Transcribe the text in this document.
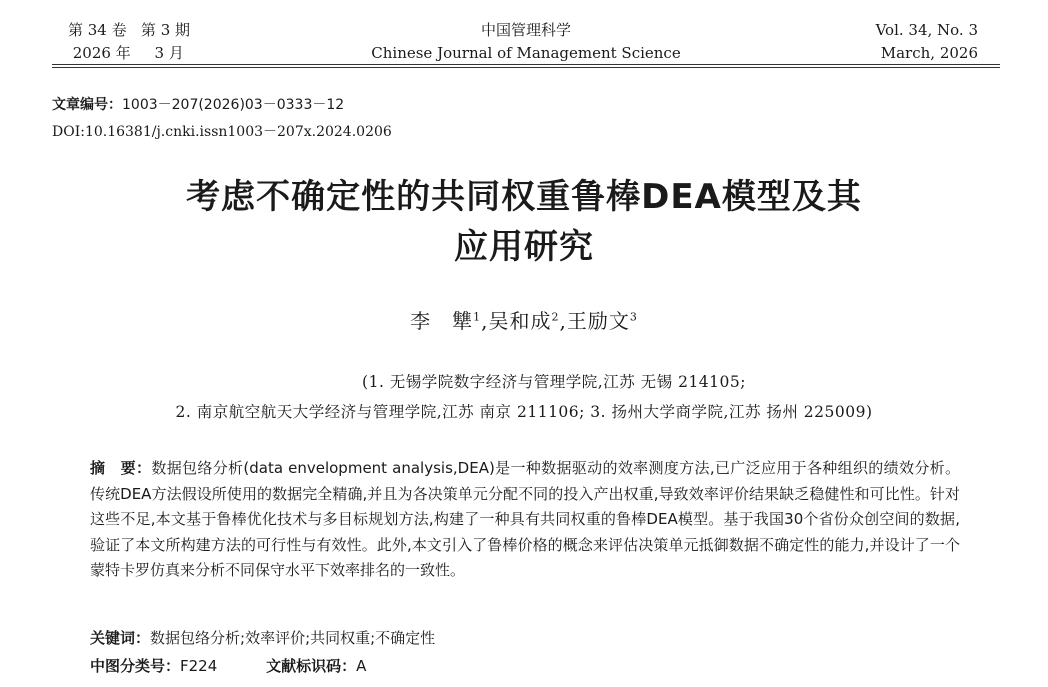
第 34 卷   第 3 期
2026 年     3 月
中国管理科学
Chinese Journal of Management Science
Vol. 34, No. 3
March, 2026
文章编号：1003－207(2026)03－0333－12
DOI:10.16381/j.cnki.issn1003－207x.2024.0206
考虑不确定性的共同权重鲁棒DEA模型及其
应用研究
李　犨$^1$,吴和成$^2$,王励文$^3$
(1. 无锡学院数字经济与管理学院,江苏 无锡 214105;
2. 南京航空航天大学经济与管理学院,江苏 南京 211106; 3. 扬州大学商学院,江苏 扬州 225009)
摘　要：数据包络分析(data envelopment analysis,DEA)是一种数据驱动的效率测度方法,已广泛应用于各种组织的绩效分析。传统DEA方法假设所使用的数据完全精确,并且为各决策单元分配不同的投入产出权重,导致效率评价结果缺乏稳健性和可比性。针对这些不足,本文基于鲁棒优化技术与多目标规划方法,构建了一种具有共同权重的鲁棒DEA模型。基于我国30个省份众创空间的数据,验证了本文所构建方法的可行性与有效性。此外,本文引入了鲁棒价格的概念来评估决策单元抵御数据不确定性的能力,并设计了一个蒙特卡罗仿真来分析不同保守水平下效率排名的一致性。
关键词：数据包络分析;效率评价;共同权重;不确定性
中图分类号：F224	文献标识码：A
